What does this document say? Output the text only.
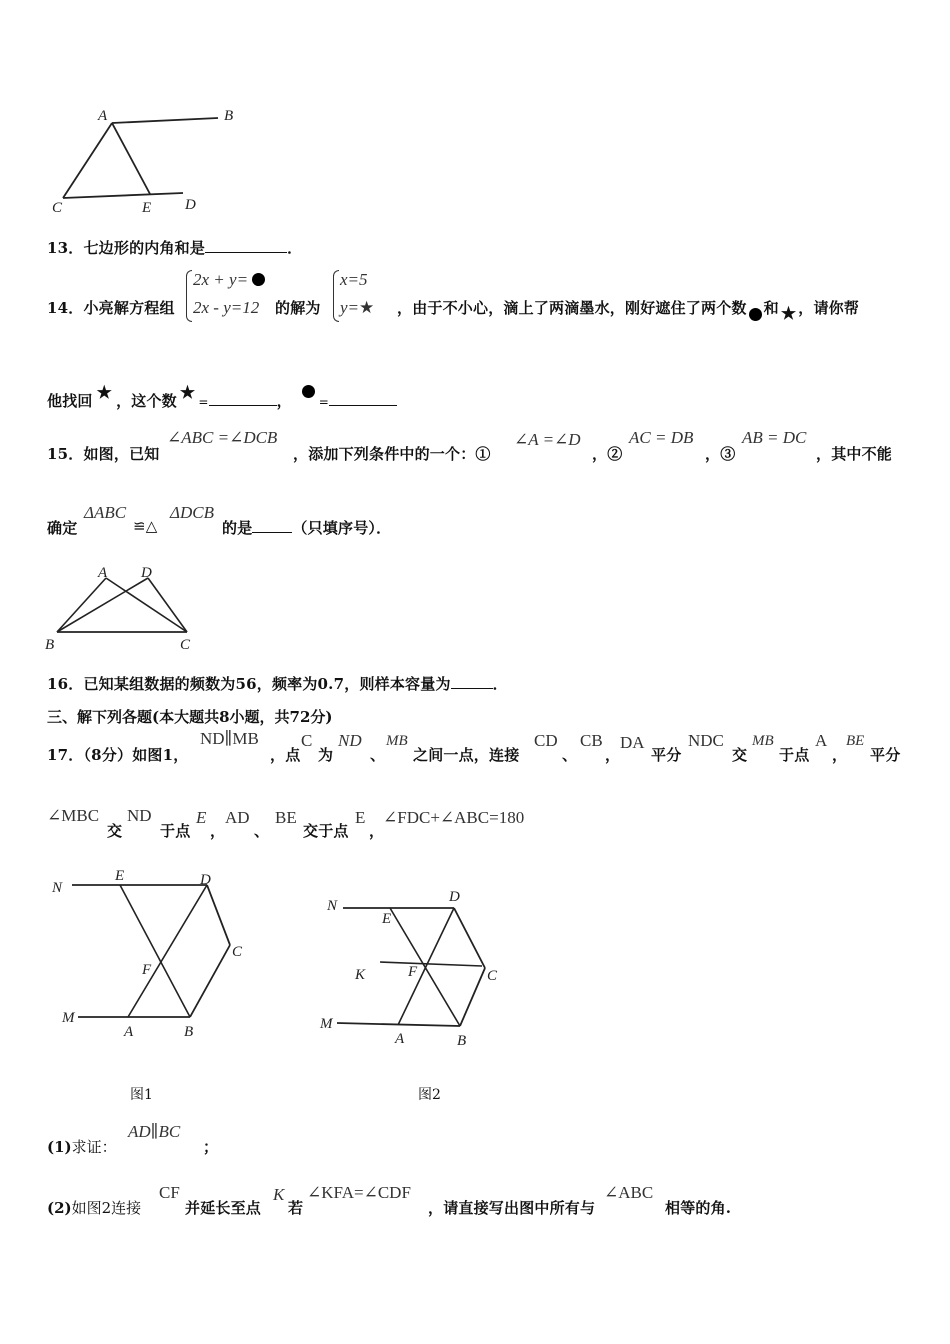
A	B
C	E D
13．七边形的内角和是	．
14．小亮解方程组
2x + y=
2x - y=12 的解为
x=5
y=★ ，由于不小心，滴上了两滴墨水，刚好遮住了两个数 和 ★ ，请你帮
他找回 ★ ，这个数 ★ =	， =
15．如图，已知
∠ABC =∠DCB
，添加下列条件中的一个：①
∠A =∠D
，②
AC = DB
，③
AB = DC
，其中不能
确定
ΔABC
≌△
ΔDCB
的是	（只填序号）．
A D
B	C
16．已知某组数据的频数为56，频率为0.7，则样本容量为	．
三、解下列各题(本大题共8小题，共72分)
17．（8分）如图1，
ND∥MB
，点
C
为
ND
、
MB
之间一点，连接
CD
、
CB
，
DA
平分
NDC
交
MB
于点
A
，
BE
平分
∠MBC
交
ND
于点
E
，
AD
、
BE
交于点
E
，
∠FDC+∠ABC=180
N
E	D
C
F
M
A	B
N
E
D
K	F	C
M
A	B
图1	图2
(1)求证：
AD∥BC
；
(2)如图2连接
CF
并延长至点
K
若
∠KFA=∠CDF
，请直接写出图中所有与
∠ABC
相等的角.
